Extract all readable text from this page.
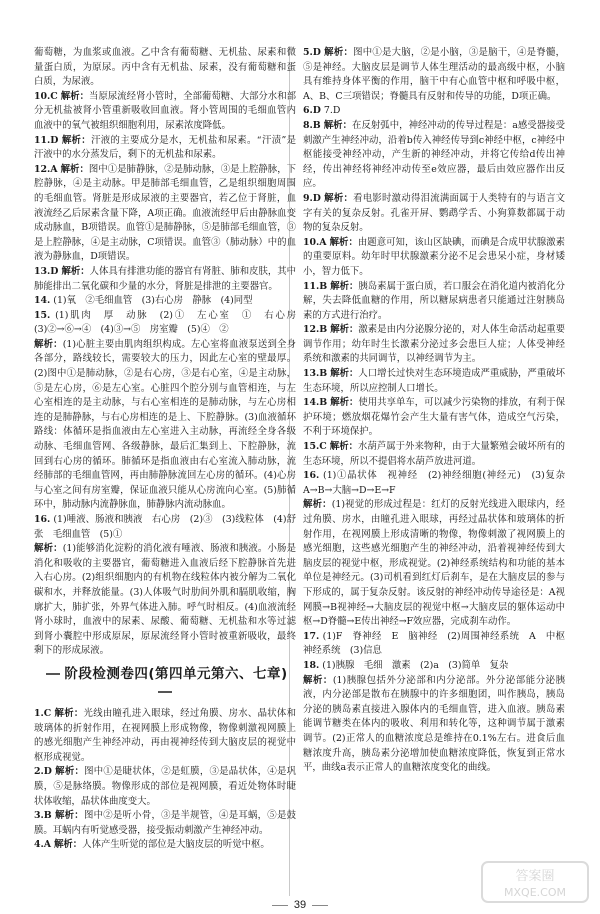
葡萄糖，为血浆或血液。乙中含有葡萄糖、无机盐、尿素和微量蛋白质，为原尿。丙中含有无机盐、尿素，没有葡萄糖和蛋白质，为尿液。

10.C 解析：当原尿流经肾小管时，全部葡萄糖、大部分水和部分无机盐被肾小管重新吸收回血液。肾小管周围的毛细血管内血液中的氧气被组织细胞利用，尿素浓度降低。

11.D 解析：汗液的主要成分是水，无机盐和尿素。“汗渍”是汗液中的水分蒸发后，剩下的无机盐和尿素。

12.A 解析：图中①是肺静脉，②是肺动脉，③是上腔静脉，下腔静脉，④是主动脉。甲是肺部毛细血管，乙是组织细胞周围的毛细血管。肾脏是形成尿液的主要器官，若乙位于肾脏，血液流经乙后尿素含量下降，A项正确。血液流经甲后由静脉血变成动脉血，B项错误。血管①是肺静脉，⑤是肺部毛细血管，③是上腔静脉，④是主动脉，C项错误。血管③（肺动脉）中的血液为静脉血，D项错误。

13.D 解析：人体具有排泄功能的器官有肾脏、肺和皮肤，其中肺能排出二氧化碳和少量的水分，肾脏是排泄的主要器官。

14. (1)氧　②毛细血管　(3)右心房　静脉　(4)同型

15. (1)肌肉　厚　动脉　(2)①　左心室　①　右心房　(3)②→⑥→④　(4)③→⑤　房室瓣　(5)④　②

解析：(1)心脏主要由肌肉组织构成。左心室将血液泵送到全身各部分，路线较长，需要较大的压力，因此左心室的壁最厚。(2)图中①是肺动脉，②是右心房，③是右心室，④是主动脉，⑤是左心房，⑥是左心室。心脏四个腔分别与血管相连，与左心室相连的是主动脉，与右心室相连的是肺动脉，与左心房相连的是肺静脉，与右心房相连的是上、下腔静脉。(3)血液循环路线：体循环是指血液由左心室进入主动脉，再流经全身各级动脉、毛细血管网、各级静脉，最后汇集到上、下腔静脉，流回到右心房的循环。肺循环是指血液由右心室流入肺动脉，流经肺部的毛细血管网，再由肺静脉流回左心房的循环。(4)心房与心室之间有房室瓣，保证血液只能从心房流向心室。(5)肺循环中，肺动脉内流静脉血，肺静脉内流动脉血。

16. (1)唾液、肠液和胰液　右心房　(2)③　(3)线粒体　(4)舒张　毛细血管　(5)①

解析：(1)能够消化淀粉的消化液有唾液、肠液和胰液。小肠是消化和吸收的主要器官，葡萄糖进入血液后经下腔静脉首先进入右心房。(2)组织细胞内的有机物在线粒体内被分解为二氧化碳和水，并释放能量。(3)人体吸气时肋间外肌和膈肌收缩，胸廓扩大，肺扩张，外界气体进入肺。呼气时相反。(4)血液流经肾小球时，血液中的尿素、尿酸、葡萄糖、无机盐和水等过滤到肾小囊腔中形成原尿，原尿流经肾小管时被重新吸收，最终剩下的形成尿液。

阶段检测卷四(第四单元第六、七章)

1.C 解析：光线由瞳孔进入眼球，经过角膜、房水、晶状体和玻璃体的折射作用，在视网膜上形成物像，物像刺激视网膜上的感光细胞产生神经冲动，再由视神经传到大脑皮层的视觉中枢形成视觉。

2.D 解析：图中①是睫状体，②是虹膜，③是晶状体，④是巩膜，⑤是脉络膜。物像形成的部位是视网膜，看近处物体时睫状体收缩，晶状体曲度变大。

3.B 解析：图中②是听小骨，③是半规管，④是耳蜗，⑤是鼓膜。耳蜗内有听觉感受器，接受振动刺激产生神经冲动。

4.A 解析：人体产生听觉的部位是大脑皮层的听觉中枢。

5.D 解析：图中①是大脑，②是小脑，③是脑干，④是脊髓，⑤是神经。大脑皮层是调节人体生理活动的最高级中枢，小脑具有维持身体平衡的作用，脑干中有心血管中枢和呼吸中枢，A、B、C三项错误；脊髓具有反射和传导的功能，D项正确。

6.D 7.D

8.B 解析：在反射弧中，神经冲动的传导过程是：a感受器接受刺激产生神经冲动，沿着b传入神经传导到c神经中枢，c神经中枢能接受神经冲动，产生新的神经冲动，并将它传给d传出神经，传出神经将神经冲动传至e效应器，最后由效应器作出反应。

9.D 解析：看电影时激动得泪流满面属于人类特有的与语言文字有关的复杂反射。孔雀开屏、鹦鹉学舌、小狗算数都属于动物的复杂反射。

10.A 解析：由题意可知，该山区缺碘，而碘是合成甲状腺激素的重要原料。幼年时甲状腺激素分泌不足会患呆小症，身材矮小，智力低下。

11.B 解析：胰岛素属于蛋白质，若口服会在消化道内被消化分解，失去降低血糖的作用，所以糖尿病患者只能通过注射胰岛素的方式进行治疗。

12.B 解析：激素是由内分泌腺分泌的，对人体生命活动起重要调节作用；幼年时生长激素分泌过多会患巨人症；人体受神经系统和激素的共同调节，以神经调节为主。

13.B 解析：人口增长过快对生态环境造成严重威胁，严重破坏生态环境，所以应控制人口增长。

14.B 解析：使用共享单车，可以减少污染物的排放，有利于保护环境；燃放烟花爆竹会产生大量有害气体，造成空气污染，不利于环境保护。

15.C 解析：水葫芦属于外来物种，由于大量繁殖会破坏所有的生态环境，所以不提倡将水葫芦放进河道。

16. (1)①晶状体　视神经　(2)神经细胞(神经元)　(3)复杂　A→B→大脑→D→E→F

解析：(1)视觉的形成过程是：红灯的反射光线进入眼球内，经过角膜、房水，由瞳孔进入眼球，再经过晶状体和玻璃体的折射作用，在视网膜上形成清晰的物像，物像刺激了视网膜上的感光细胞，这些感光细胞产生的神经冲动，沿着视神经传到大脑皮层的视觉中枢，形成视觉。(2)神经系统结构和功能的基本单位是神经元。(3)司机看到红灯后刹车，是在大脑皮层的参与下形成的，属于复杂反射。该反射的神经冲动传导途径是：A视网膜→B视神经→大脑皮层的视觉中枢→大脑皮层的躯体运动中枢→D脊髓→E传出神经→F效应器，完成刹车动作。

17. (1)F　脊神经　E　脑神经　(2)周围神经系统　A　中枢神经系统　(3)信息

18. (1)胰腺　毛细　激素　(2)a　(3)简单　复杂

解析：(1)胰腺包括外分泌部和内分泌部。外分泌部能分泌胰液，内分泌部是散布在胰腺中的许多细胞团，叫作胰岛，胰岛分泌的胰岛素直接进入腺体内的毛细血管，进入血液。胰岛素能调节糖类在体内的吸收、利用和转化等，这种调节属于激素调节。(2)正常人的血糖浓度总是维持在0.1%左右。进食后血糖浓度升高，胰岛素分泌增加使血糖浓度降低，恢复到正常水平，曲线a表示正常人的血糖浓度变化的曲线。

39
答案圈
MXQE.COM
